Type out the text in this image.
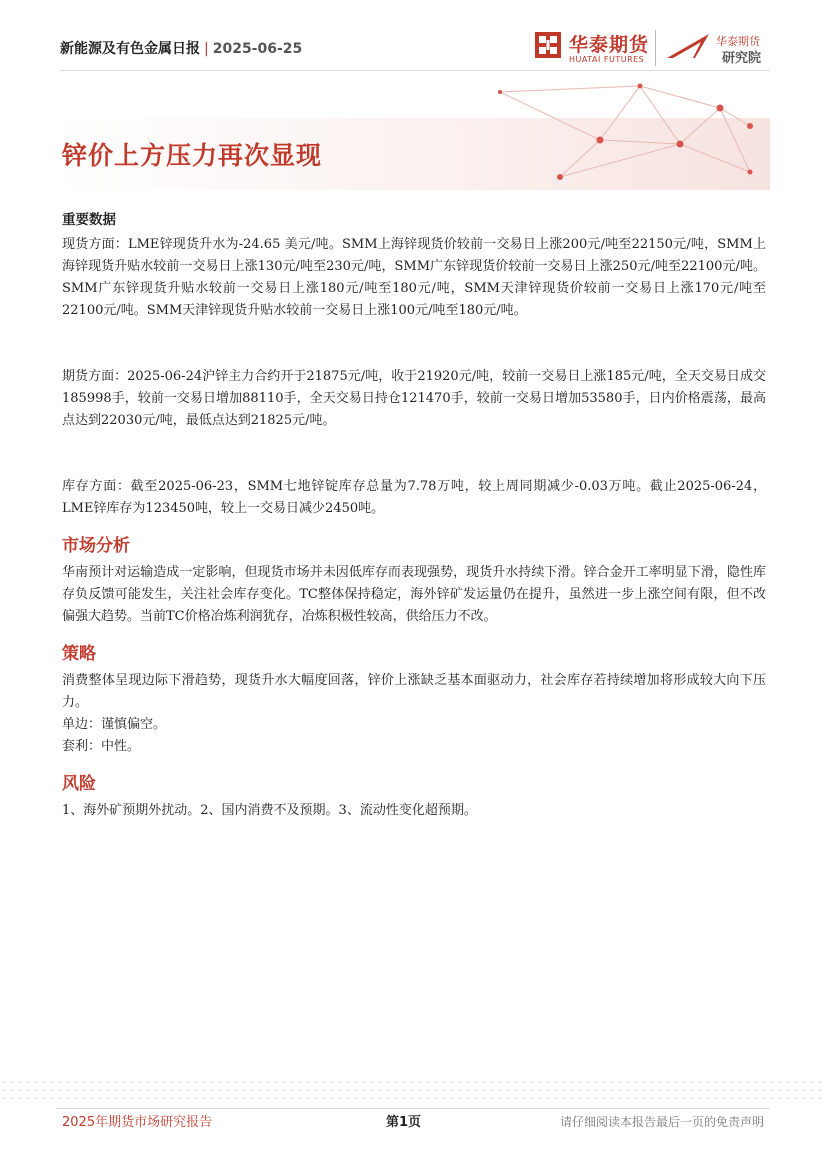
新能源及有色金属日报 | 2025-06-25	华泰期货
HUATAI FUTURES
华泰期货
研究院
锌价上方压力再次显现
重要数据

现货方面：LME锌现货升水为-24.65 美元/吨。SMM上海锌现货价较前一交易日上涨200元/吨至22150元/吨，SMM上海锌现货升贴水较前一交易日上涨130元/吨至230元/吨，SMM广东锌现货价较前一交易日上涨250元/吨至22100元/吨。SMM广东锌现货升贴水较前一交易日上涨180元/吨至180元/吨，SMM天津锌现货价较前一交易日上涨170元/吨至22100元/吨。SMM天津锌现货升贴水较前一交易日上涨100元/吨至180元/吨。

期货方面：2025-06-24沪锌主力合约开于21875元/吨，收于21920元/吨，较前一交易日上涨185元/吨，全天交易日成交185998手，较前一交易日增加88110手，全天交易日持仓121470手，较前一交易日增加53580手，日内价格震荡，最高点达到22030元/吨，最低点达到21825元/吨。

库存方面：截至2025-06-23，SMM七地锌锭库存总量为7.78万吨，较上周同期减少-0.03万吨。截止2025-06-24，LME锌库存为123450吨，较上一交易日减少2450吨。

市场分析

华南预计对运输造成一定影响，但现货市场并未因低库存而表现强势，现货升水持续下滑。锌合金开工率明显下滑，隐性库存负反馈可能发生，关注社会库存变化。TC整体保持稳定，海外锌矿发运量仍在提升，虽然进一步上涨空间有限，但不改偏强大趋势。当前TC价格冶炼利润犹存，冶炼积极性较高，供给压力不改。

策略

消费整体呈现边际下滑趋势，现货升水大幅度回落，锌价上涨缺乏基本面驱动力，社会库存若持续增加将形成较大向下压力。

单边：谨慎偏空。

套利：中性。

风险

1、海外矿预期外扰动。2、国内消费不及预期。3、流动性变化超预期。

2025年期货市场研究报告	第1页	请仔细阅读本报告最后一页的免责声明
